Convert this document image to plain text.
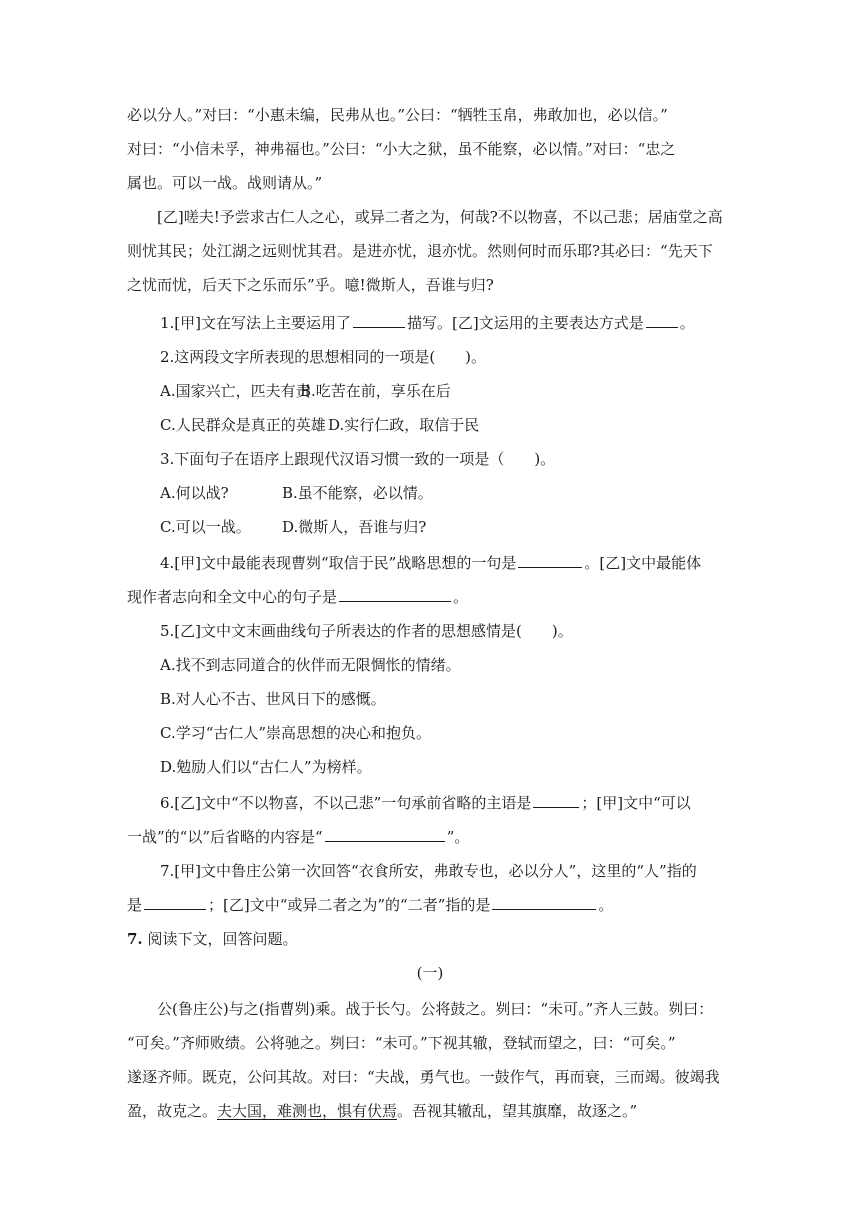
必以分人。”对曰：“小惠未编，民弗从也。”公曰：“牺牲玉帛，弗敢加也，必以信。”

对曰：“小信未孚，神弗福也。”公曰：“小大之狱，虽不能察，必以情。”对曰：“忠之

属也。可以一战。战则请从。”

[乙]嗟夫!予尝求古仁人之心，或异二者之为，何哉?不以物喜，不以己悲；居庙堂之高

则忧其民；处江湖之远则忧其君。是进亦忧，退亦忧。然则何时而乐耶?其必曰：“先天下

之忧而忧，后天下之乐而乐”乎。噫!微斯人，吾谁与归?

1.[甲]文在写法上主要运用了	描写。[乙]文运用的主要表达方式是 。

2.这两段文字所表现的思想相同的一项是(　　)。

A.国家兴亡，匹夫有责B.吃苦在前，享乐在后

C.人民群众是真正的英雄 D.实行仁政，取信于民

3.下面句子在语序上跟现代汉语习惯一致的一项是（　　)。

A.何以战?	B.虽不能察，必以情。

C.可以一战。 D.微斯人，吾谁与归?

4.[甲]文中最能表现曹刿“取信于民”战略思想的一句是	。[乙]文中最能体

现作者志向和全文中心的句子是	。

5.[乙]文中文末画曲线句子所表达的作者的思想感情是(　　)。

A.找不到志同道合的伙伴而无限惆怅的情绪。

B.对人心不古、世风日下的感慨。

C.学习“古仁人”崇高思想的决心和抱负。

D.勉励人们以“古仁人”为榜样。

6.[乙]文中“不以物喜，不以己悲”一句承前省略的主语是	；[甲]文中“可以

一战”的“以”后省略的内容是“	”。

7.[甲]文中鲁庄公第一次回答“衣食所安，弗敢专也，必以分人”，这里的“人”指的

是	；[乙]文中“或异二者之为”的“二者”指的是	。

7. 阅读下文，回答问题。

(一)

公(鲁庄公)与之(指曹刿)乘。战于长勺。公将鼓之。刿曰：“未可。”齐人三鼓。刿曰：

“可矣。”齐师败绩。公将驰之。刿曰：“未可。”下视其辙，登轼而望之，曰：“可矣。”

遂逐齐师。既克，公问其故。对曰：“夫战，勇气也。一鼓作气，再而衰，三而竭。彼竭我

盈，故克之。夫大国，难测也，惧有伏焉。吾视其辙乱，望其旗靡，故逐之。”
